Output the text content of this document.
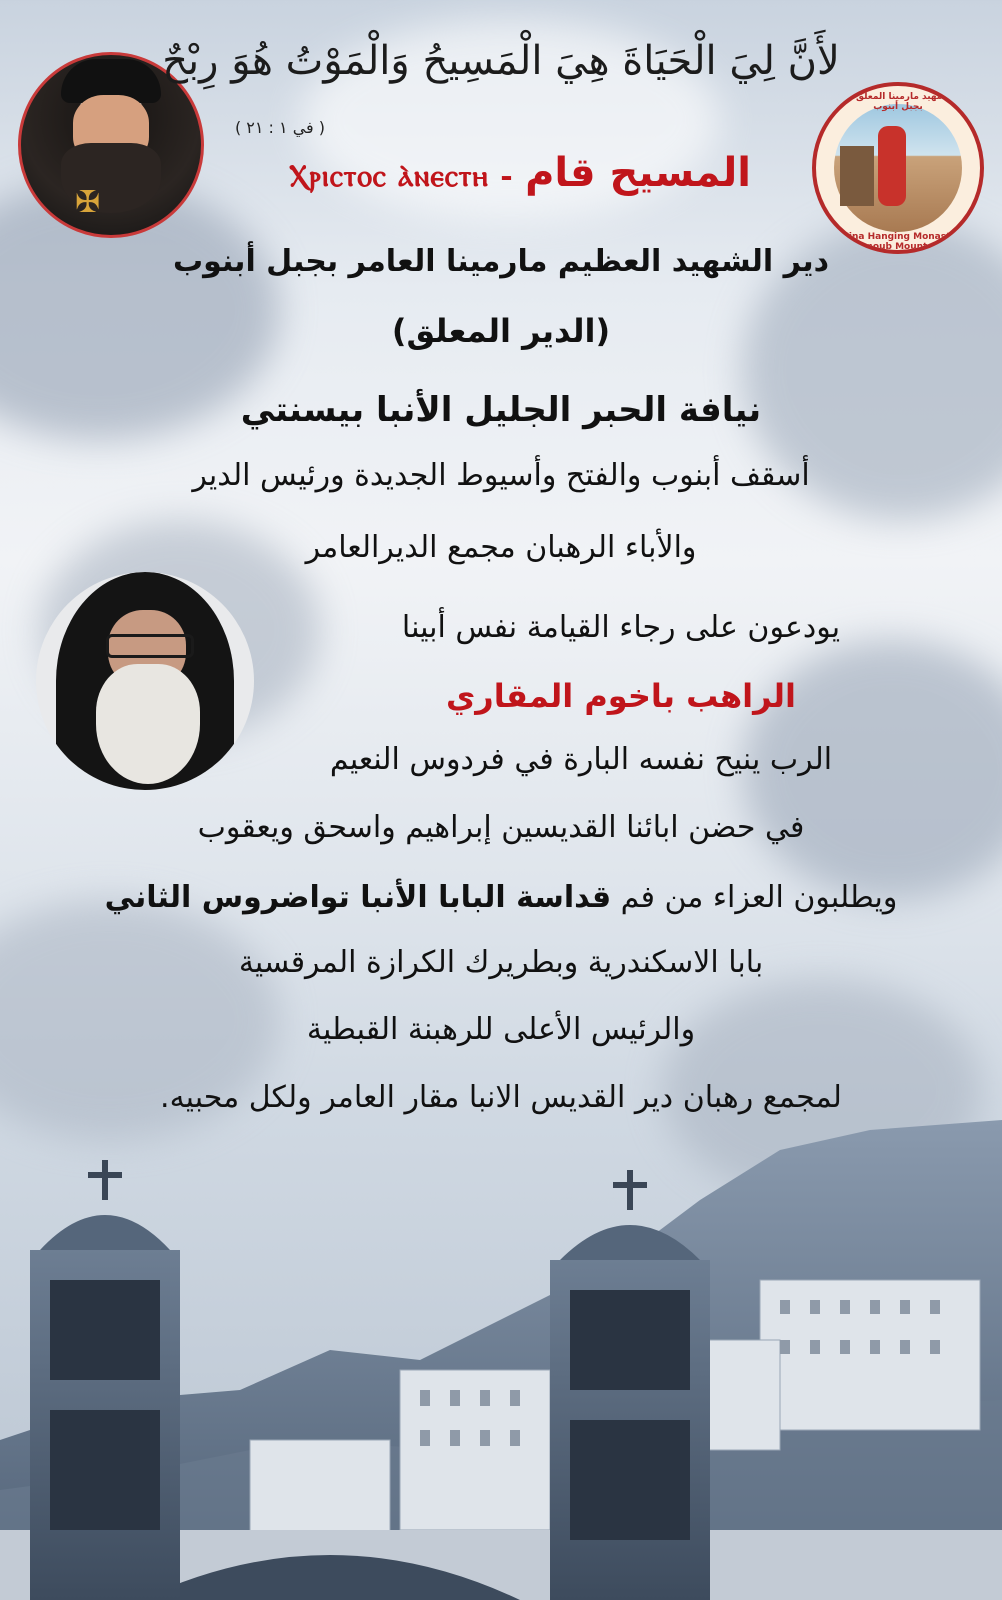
✠
دير الشهيد مارمينا المعلق العامر بجبل أبنوب
St. Mina Hanging Monastery , Abnoub Mountain
لأَنَّ لِيَ الْحَيَاةَ هِيَ الْمَسِيحُ وَالْمَوْتُ هُوَ رِبْحٌ
( في ١ : ٢١ )
Ⲭⲣⲓⲥⲧⲟⲥ ⲁ̀ⲛⲉⲥⲧⲏ - المسيح قام
دير الشهيد العظيم مارمينا العامر بجبل أبنوب
(الدير المعلق)
نيافة الحبر الجليل الأنبا بيسنتي
أسقف أبنوب والفتح وأسيوط الجديدة ورئيس الدير
والأباء الرهبان مجمع الديرالعامر
يودعون على رجاء القيامة نفس أبينا
الراهب باخوم المقاري
الرب ينيح نفسه البارة في فردوس النعيم
في حضن ابائنا القديسين إبراهيم واسحق ويعقوب
ويطلبون العزاء من فم قداسة البابا الأنبا تواضروس الثاني
بابا الاسكندرية وبطريرك الكرازة المرقسية
والرئيس الأعلى للرهبنة القبطية
لمجمع رهبان دير القديس الانبا مقار العامر ولكل محبيه.
